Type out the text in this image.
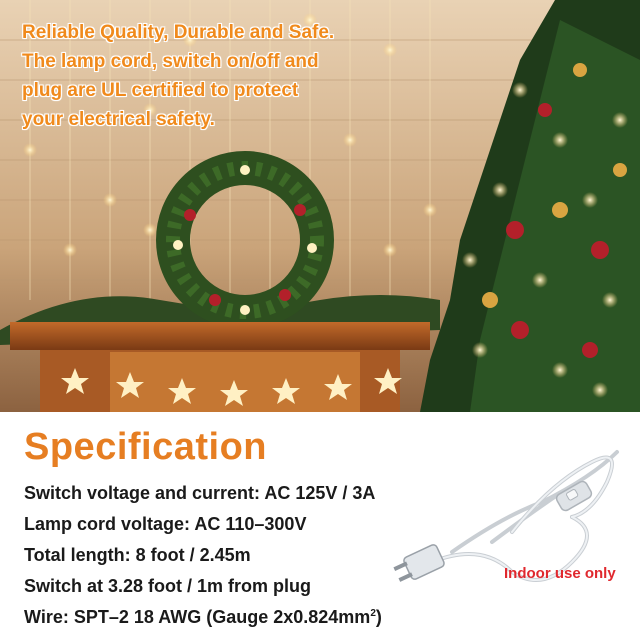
Reliable Quality, Durable and Safe.
The lamp cord, switch on/off and
plug are UL certified to protect
your electrical safety.

Specification
Switch voltage and current: AC 125V / 3A
Lamp cord voltage: AC 110–300V
Total length: 8 foot / 2.45m
Switch at 3.28 foot / 1m from plug
Wire: SPT–2 18 AWG (Gauge $2x0.824mm^2$)

Indoor use only
